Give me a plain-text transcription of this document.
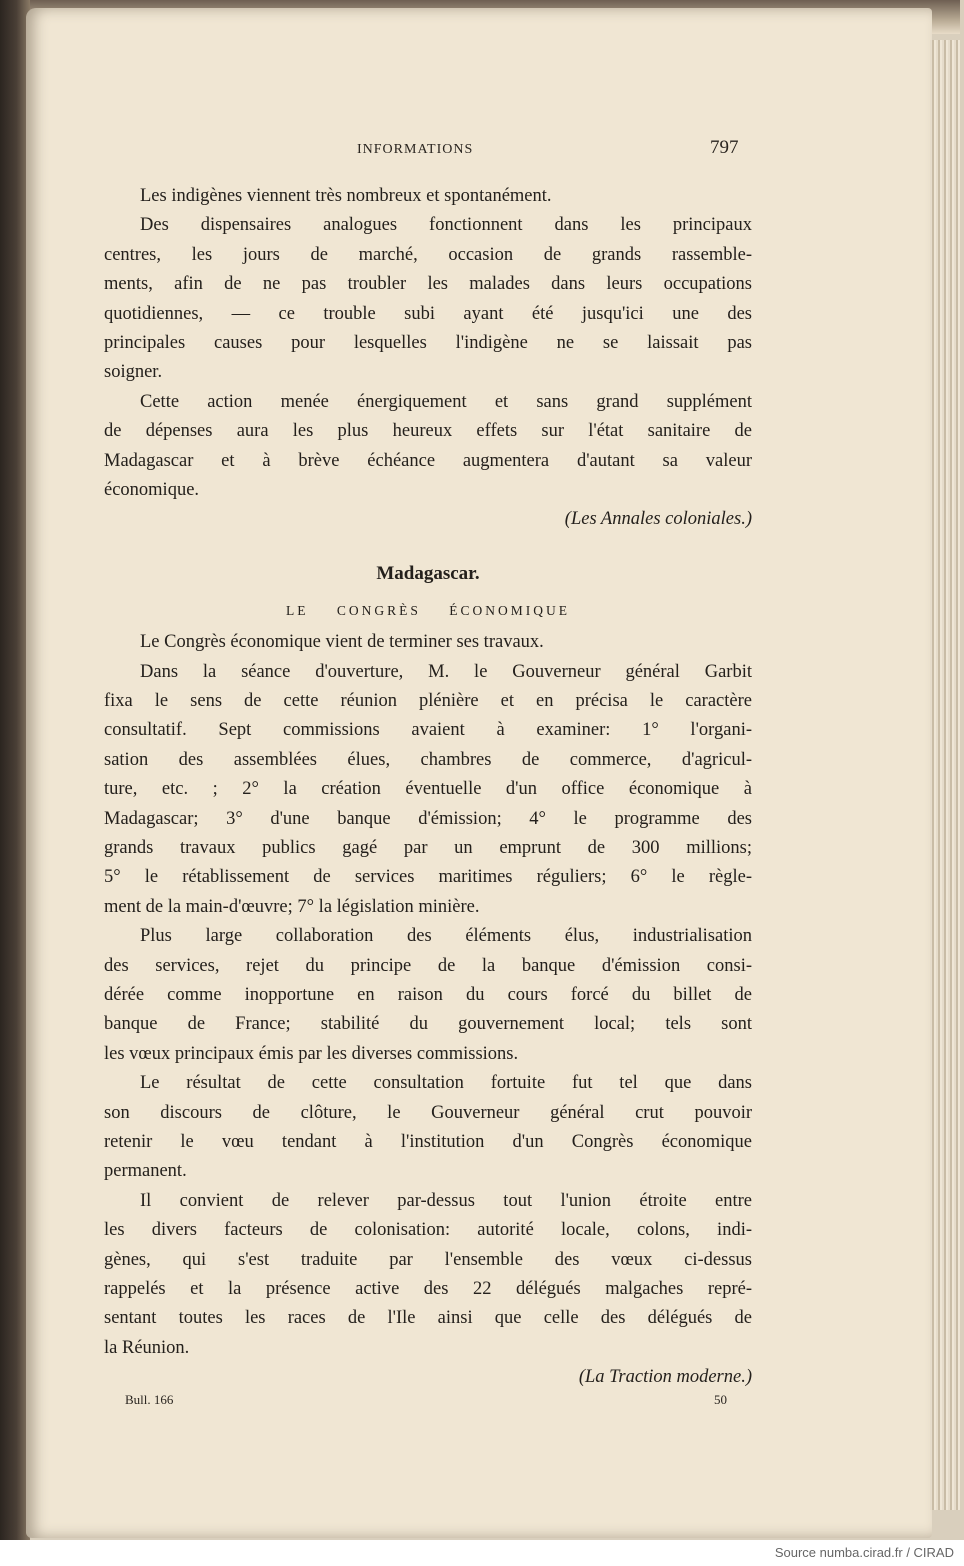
INFORMATIONS	797
Les indigènes viennent très nombreux et spontanément.
Des dispensaires analogues fonctionnent dans les principaux
centres, les jours de marché, occasion de grands rassemble-
ments, afin de ne pas troubler les malades dans leurs occupations
quotidiennes, — ce trouble subi ayant été jusqu'ici une des
principales causes pour lesquelles l'indigène ne se laissait pas
soigner.
Cette action menée énergiquement et sans grand supplément
de dépenses aura les plus heureux effets sur l'état sanitaire de
Madagascar et à brève échéance augmentera d'autant sa valeur
économique.
(Les Annales coloniales.)
Madagascar.
LE CONGRÈS ÉCONOMIQUE
Le Congrès économique vient de terminer ses travaux.
Dans la séance d'ouverture, M. le Gouverneur général Garbit
fixa le sens de cette réunion plénière et en précisa le caractère
consultatif. Sept commissions avaient à examiner: 1° l'organi-
sation des assemblées élues, chambres de commerce, d'agricul-
ture, etc. ; 2° la création éventuelle d'un office économique à
Madagascar; 3° d'une banque d'émission; 4° le programme des
grands travaux publics gagé par un emprunt de 300 millions;
5° le rétablissement de services maritimes réguliers; 6° le règle-
ment de la main-d'œuvre; 7° la législation minière.
Plus large collaboration des éléments élus, industrialisation
des services, rejet du principe de la banque d'émission consi-
dérée comme inopportune en raison du cours forcé du billet de
banque de France; stabilité du gouvernement local; tels sont
les vœux principaux émis par les diverses commissions.
Le résultat de cette consultation fortuite fut tel que dans
son discours de clôture, le Gouverneur général crut pouvoir
retenir le vœu tendant à l'institution d'un Congrès économique
permanent.
Il convient de relever par-dessus tout l'union étroite entre
les divers facteurs de colonisation: autorité locale, colons, indi-
gènes, qui s'est traduite par l'ensemble des vœux ci-dessus
rappelés et la présence active des 22 délégués malgaches repré-
sentant toutes les races de l'Ile ainsi que celle des délégués de
la Réunion.
(La Traction moderne.)
Bull. 166	50
Source numba.cirad.fr / CIRAD
